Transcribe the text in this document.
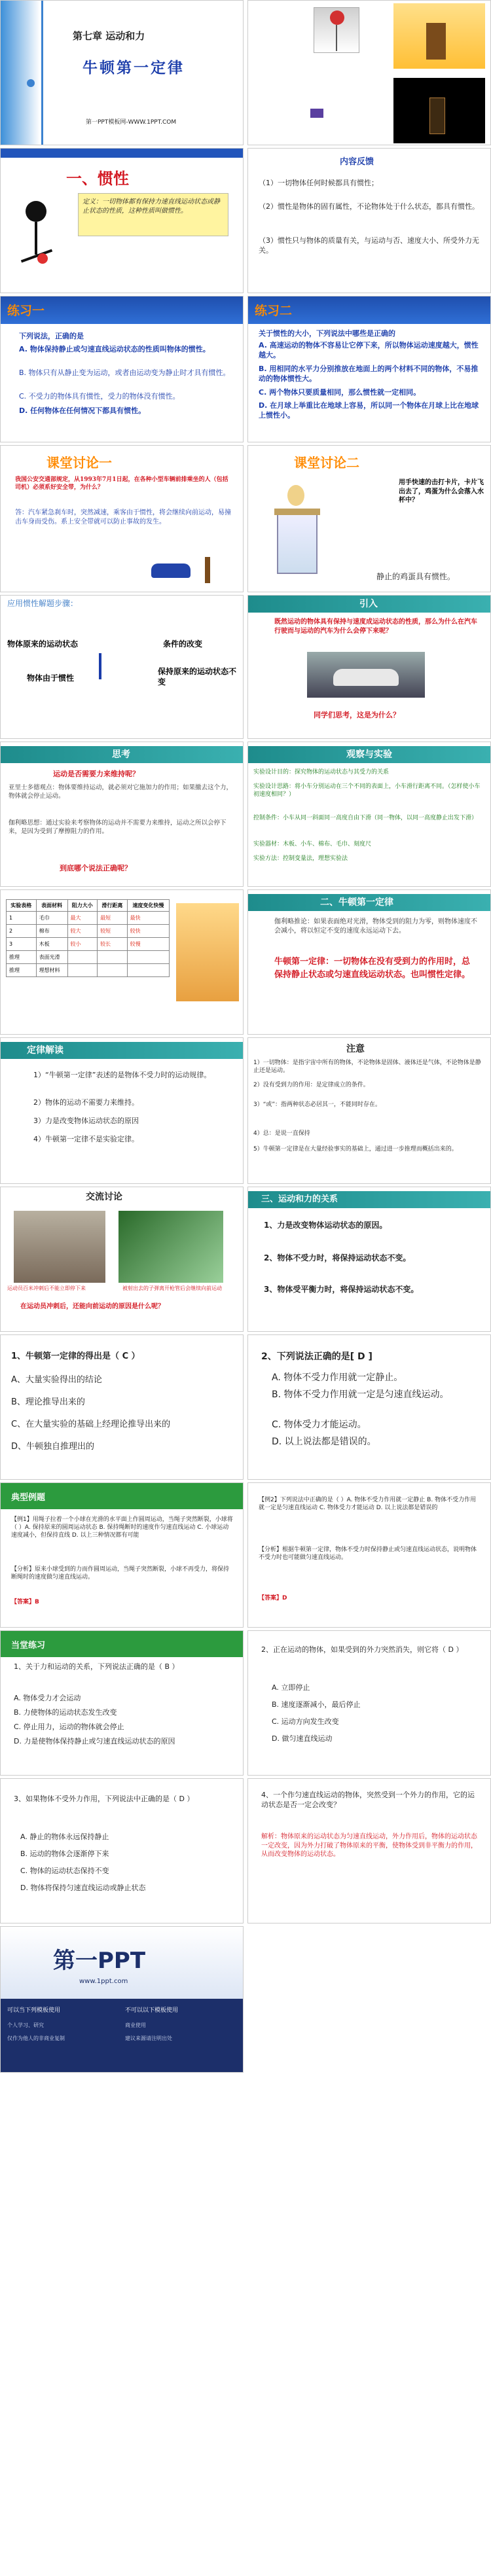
第七章 运动和力
牛顿第一定律
第一PPT模板网-WWW.1PPT.COM
一、惯性
定义：一切物体都有保持力速直线运动状态或静止状态的性质，这种性质叫做惯性。
内容反馈
（1）一切物体任何时候都具有惯性；
（2）惯性是物体的固有属性，不论物体处于什么状态，都具有惯性。
（3）惯性只与物体的质量有关，与运动与否、速度大小、所受外力无关。
练习一
下列说法，正确的是
A. 物体保持静止或匀速直线运动状态的性质叫物体的惯性。
B. 物体只有从静止变为运动，或者由运动变为静止时才具有惯性。
C. 不受力的物体具有惯性，受力的物体没有惯性。
D. 任何物体在任何情况下都具有惯性。
练习二
关于惯性的大小，下列说法中哪些是正确的
A. 高速运动的物体不容易让它停下来，所以物体运动速度越大，惯性越大。
B. 用相同的水平力分别推放在地面上的两个材料不同的物体，不易推动的物体惯性大。
C. 两个物体只要质量相同，那么惯性就一定相同。
D. 在月球上举重比在地球上容易，所以同一个物体在月球上比在地球上惯性小。
课堂讨论一
我国公安交通部规定，从1993年7月1日起，在各种小型车辆前排乘坐的人（包括司机）必须系好安全带，为什么？
答：汽车紧急刹车时，突然减速，乘客由于惯性，将会继续向前运动，易撞击车身而受伤。系上安全带就可以防止事故的发生。
课堂讨论二
用手快速的击打卡片，卡片飞出去了，鸡蛋为什么会落入水杯中？
静止的鸡蛋具有惯性。
应用惯性解题步骤：
物体原来的运动状态	条件的改变
物体由于惯性
保持原来的运动状态不变
引入
既然运动的物体具有保持与速度成运动状态的性质，那么为什么在汽车行驶而与运动的汽车为什么会停下来呢？
同学们思考，这是为什么？
思考
运动是否需要力来维持呢？
亚里士多德观点：物体要维持运动，就必须对它施加力的作用；如果撤去这个力，物体就会停止运动。
伽利略思想：通过实验来考察物体的运动并不需要力来维持，运动之所以会停下来，是因为受到了摩擦阻力的作用。
到底哪个说法正确呢？
观察与实验
实验设计目的：探究物体的运动状态与其受力的关系
实验设计思路：将小车分别运动在三个不同的表面上，小车滑行距离不同。（怎样使小车初速度相同？）
控制条件：小车从同一斜面同一高度自由下滑（同一物体，以同一高度静止出发下滑）
实验器材：木板、小车、棉布、毛巾、刻度尺
实验方法：控制变量法，理想实验法
实验表格	表面材料	阻力大小	滑行距离	速度变化快慢
1	毛巾	最大	最短	最快
2	棉布	较大	较短	较快
3	木板	较小	较长	较慢
推理	表面光滑			
推理	理想材料			
二、牛顿第一定律
伽利略推论：如果表面绝对光滑，物体受到的阻力为零，则物体速度不会减小，将以恒定不变的速度永远运动下去。
牛顿第一定律：一切物体在没有受到力的作用时，总保持静止状态或匀速直线运动状态。也叫惯性定律。
定律解读
1）“牛顿第一定律”表述的是物体不受力时的运动规律。
2）物体的运动不需要力来维持。
3）力是改变物体运动状态的原因
4）牛顿第一定律不是实验定律。
注意
1）一切物体：是指宇宙中所有的物体，不论物体是固体、液体还是气体，不论物体是静止还是运动。
2）没有受到力的作用：是定律成立的条件。
3）“或”：指两种状态必居其一，不能同时存在。
4）总：是说一直保持
5）牛顿第一定律是在大量经验事实的基础上，通过进一步推理而概括出来的。
交流讨论
运动员百米冲刺后不能立即停下来	被射出去的子弹离开枪管后会继续向前运动
在运动员冲刺后，还能向前运动的原因是什么呢？
三、运动和力的关系
1、力是改变物体运动状态的原因。
2、物体不受力时，将保持运动状态不变。
3、物体受平衡力时，将保持运动状态不变。
1、牛顿第一定律的得出是（ C ）
A、大量实验得出的结论
B、理论推导出来的
C、在大量实验的基础上经理论推导出来的
D、牛顿独自推理出的
2、下列说法正确的是[ D ]
A. 物体不受力作用就一定静止。
B. 物体不受力作用就一定是匀速直线运动。
C. 物体受力才能运动。
D. 以上说法都是错误的。
典型例题
【例1】用绳子拉着一个小球在光滑的水平面上作圆周运动，当绳子突然断裂，小球将（ ）A. 保持原来的圆周运动状态 B. 保持绳断时的速度作匀速直线运动 C. 小球运动速度减小，但保持直线 D. 以上三种情况都有可能
【分析】原来小球受到的力而作圆周运动，当绳子突然断裂，小球不再受力，将保持断绳时的速度做匀速直线运动。
【答案】B
【例2】下列说法中正确的是（ ）A. 物体不受力作用就一定静止 B. 物体不受力作用就一定是匀速直线运动 C. 物体受力才能运动 D. 以上说法都是错误的
【分析】根据牛顿第一定律，物体不受力时保持静止或匀速直线运动状态，说明物体不受力时也可能做匀速直线运动。
【答案】D
当堂练习
1、关于力和运动的关系，下列说法正确的是（ B ）
A. 物体受力才会运动
B. 力使物体的运动状态发生改变
C. 停止用力，运动的物体就会停止
D. 力是使物体保持静止或匀速直线运动状态的原因
2、正在运动的物体，如果受到的外力突然消失，则它将（ D ）
A. 立即停止
B. 速度逐渐减小，最后停止
C. 运动方向发生改变
D. 做匀速直线运动
3、如果物体不受外力作用，下列说法中正确的是（ D ）
A. 静止的物体永远保持静止
B. 运动的物体会逐渐停下来
C. 物体的运动状态保持不变
D. 物体将保持匀速直线运动或静止状态
4、一个作匀速直线运动的物体，突然受到一个外力的作用，它的运动状态是否一定会改变？
解析：物体原来的运动状态为匀速直线运动，外力作用后，物体的运动状态一定改变，因为外力打破了物体原来的平衡，使物体受到非平衡力的作用，从而改变物体的运动状态。
第一PPT
www.1ppt.com
可以当下列模板使用	不可以以下模板使用
个人学习、研究
仅作为他人的非商业复制
商业使用
建议来源请注明出处
